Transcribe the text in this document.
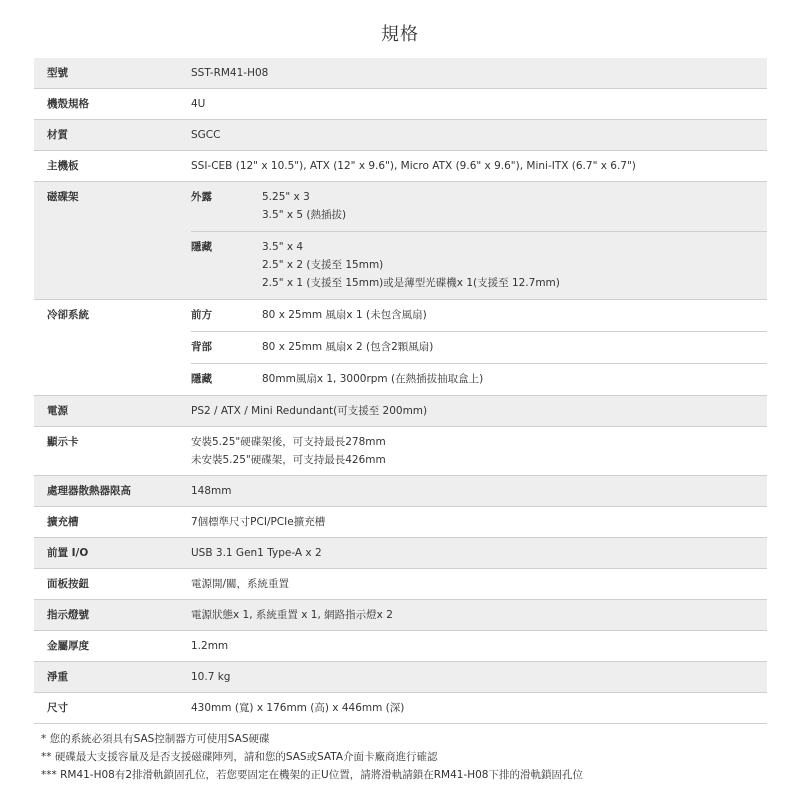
規格
型號	SST-RM41-H08
機殼規格	4U
材質	SGCC
主機板	SSI-CEB (12" x 10.5"), ATX (12" x 9.6"), Micro ATX (9.6" x 9.6"), Mini-ITX (6.7" x 6.7")
磁碟架	外露	5.25" x 3
3.5" x 5 (熱插拔)
隱藏	3.5" x 4
2.5" x 2 (支援至 15mm)
2.5" x 1 (支援至 15mm)或是薄型光碟機x 1(支援至 12.7mm)
冷卻系統	前方	80 x 25mm 風扇x 1 (未包含風扇)
背部	80 x 25mm 風扇x 2 (包含2顆風扇)
隱藏	80mm風扇x 1, 3000rpm (在熱插拔抽取盒上)
電源	PS2 / ATX / Mini Redundant(可支援至 200mm)
顯示卡	安裝5.25"硬碟架後，可支持最長278mm
未安裝5.25"硬碟架，可支持最長426mm
處理器散熱器限高	148mm
擴充槽	7個標準尺寸PCI/PCIe擴充槽
前置 I/O	USB 3.1 Gen1 Type-A x 2
面板按鈕	電源開/關，系統重置
指示燈號	電源狀態x 1, 系統重置 x 1, 網路指示燈x 2
金屬厚度	1.2mm
淨重	10.7 kg
尺寸	430mm (寬) x 176mm (高) x 446mm (深)
* 您的系統必須具有SAS控制器方可使用SAS硬碟
** 硬碟最大支援容量及是否支援磁碟陣列，請和您的SAS或SATA介面卡廠商進行確認
*** RM41-H08有2排滑軌鎖固孔位，若您要固定在機架的正U位置，請將滑軌請鎖在RM41-H08下排的滑軌鎖固孔位
